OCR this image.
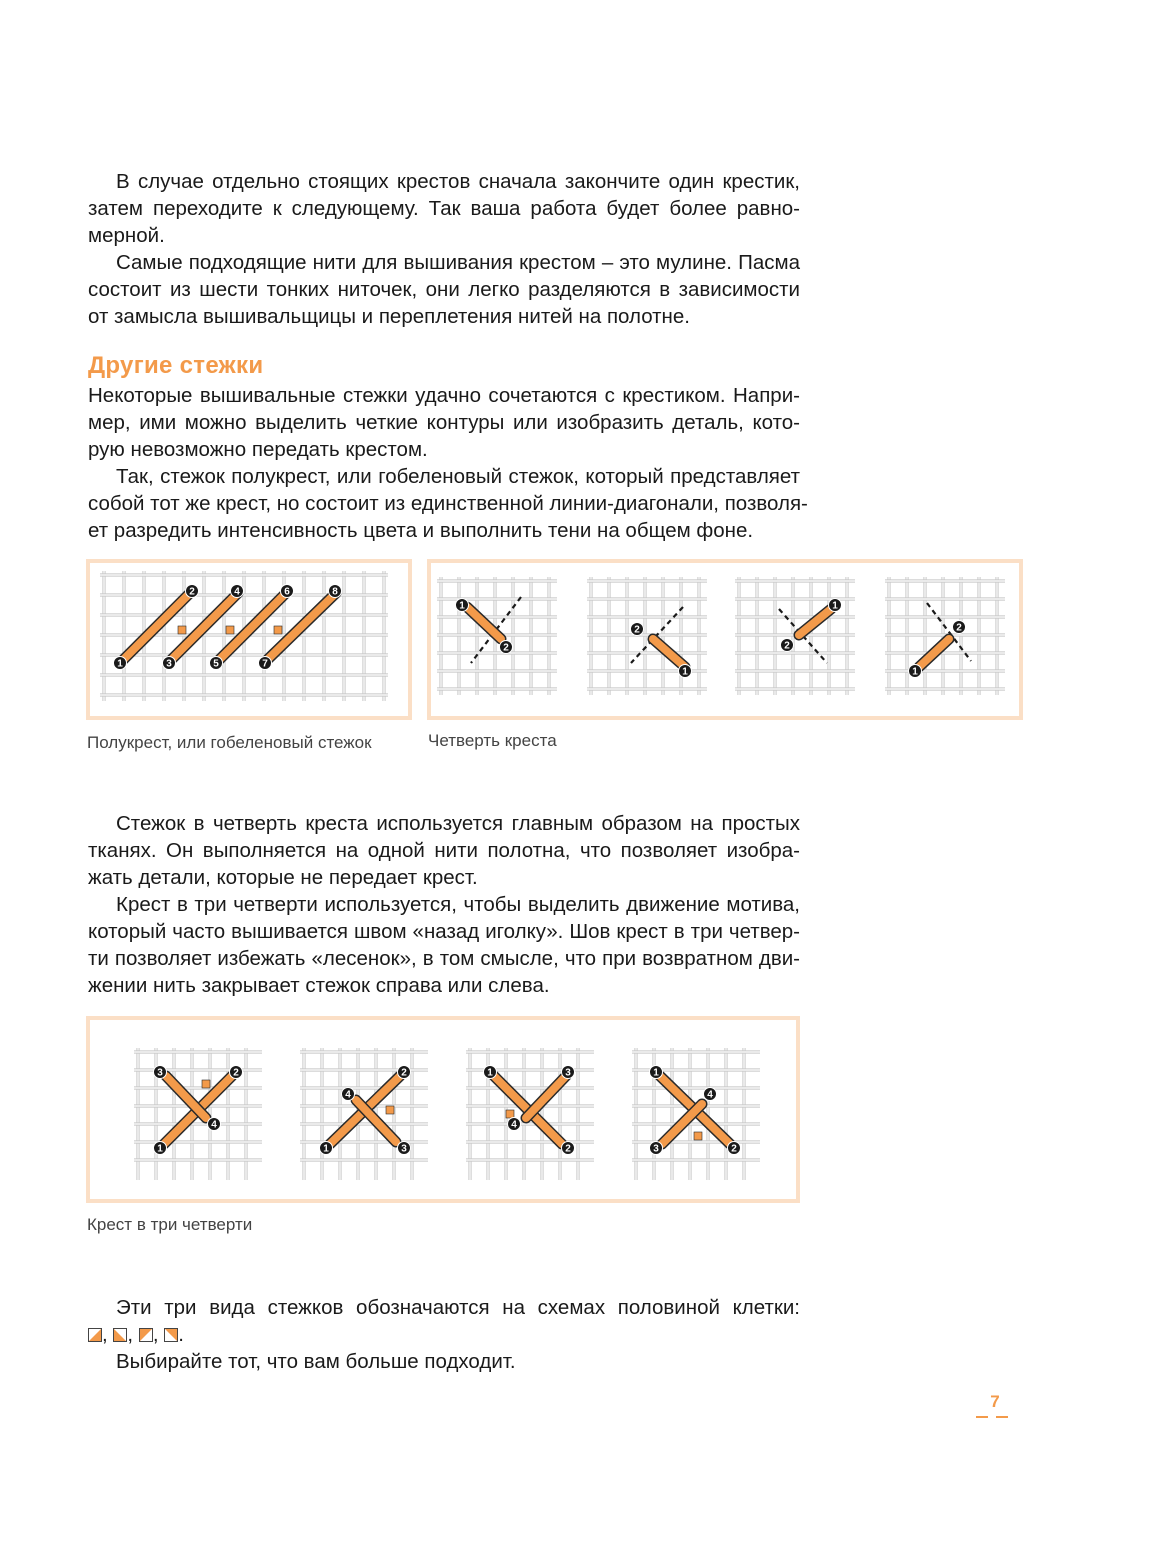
В случае отдельно стоящих крестов сначала закончите один крестик,
затем переходите к следующему. Так ваша работа будет более равно-
мерной.
Самые подходящие нити для вышивания крестом – это мулине. Пасма
состоит из шести тонких ниточек, они легко разделяются в зависимости
от замысла вышивальщицы и переплетения нитей на полотне.
Другие стежки
Некоторые вышивальные стежки удачно сочетаются с крестиком. Напри-
мер, ими можно выделить четкие контуры или изобразить деталь, кото-
рую невозможно передать крестом.
Так, стежок полукрест, или гобеленовый стежок, который представляет
собой тот же крест, но состоит из единственной линии-диагонали, позволя-
ет разредить интенсивность цвета и выполнить тени на общем фоне.
1
2
3
4
5
6
7
8
Полукрест, или гобеленовый стежок
1
2
1
2
1
2
1
2
Четверть креста
Стежок в четверть креста используется главным образом на простых
тканях. Он выполняется на одной нити полотна, что позволяет изобра-
жать детали, которые не передает крест.
Крест в три четверти используется, чтобы выделить движение мотива,
который часто вышивается швом «назад иголку». Шов крест в три четвер-
ти позволяет избежать «лесенок», в том смысле, что при возвратном дви-
жении нить закрывает стежок справа или слева.
1
2
3
4
1
2
3
4
1
2
3
4
1
2
3
4
Крест в три четверти
Эти три вида стежков обозначаются на схемах половиной клетки:
, , , .
Выбирайте тот, что вам больше подходит.
7
